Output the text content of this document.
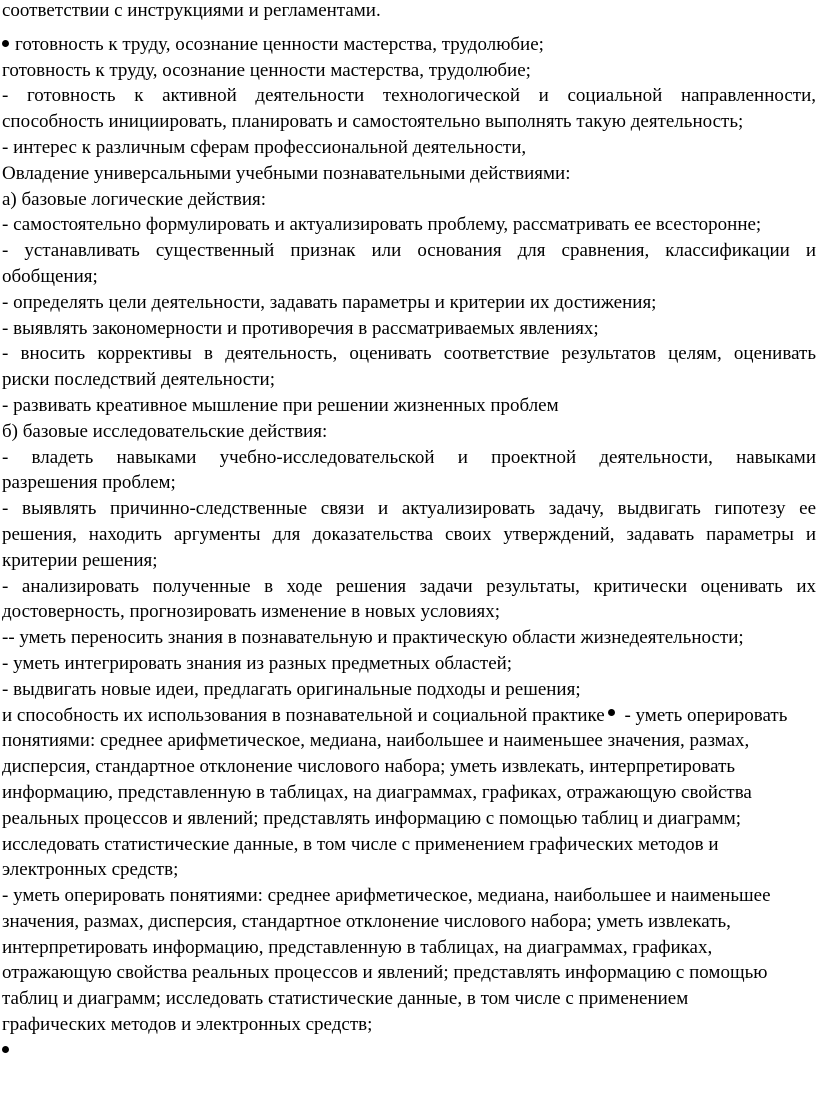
соответствии с инструкциями и регламентами.
готовность к труду, осознание ценности мастерства, трудолюбие;
готовность к труду, осознание ценности мастерства, трудолюбие;
- готовность к активной деятельности технологической и социальной направленности,
способность инициировать, планировать и самостоятельно выполнять такую деятельность;
- интерес к различным сферам профессиональной деятельности,
Овладение универсальными учебными познавательными действиями:
а) базовые логические действия:
- самостоятельно формулировать и актуализировать проблему, рассматривать ее всесторонне;
- устанавливать существенный признак или основания для сравнения, классификации и
обобщения;
- определять цели деятельности, задавать параметры и критерии их достижения;
- выявлять закономерности и противоречия в рассматриваемых явлениях;
- вносить коррективы в деятельность, оценивать соответствие результатов целям, оценивать
риски последствий деятельности;
- развивать креативное мышление при решении жизненных проблем
б) базовые исследовательские действия:
- владеть навыками учебно-исследовательской и проектной деятельности, навыками
разрешения проблем;
- выявлять причинно-следственные связи и актуализировать задачу, выдвигать гипотезу ее
решения, находить аргументы для доказательства своих утверждений, задавать параметры и
критерии решения;
- анализировать полученные в ходе решения задачи результаты, критически оценивать их
достоверность, прогнозировать изменение в новых условиях;
-- уметь переносить знания в познавательную и практическую области жизнедеятельности;
- уметь интегрировать знания из разных предметных областей;
- выдвигать новые идеи, предлагать оригинальные подходы и решения;
и способность их использования в познавательной и социальной практике - уметь оперировать
понятиями: среднее арифметическое, медиана, наибольшее и наименьшее значения, размах,
дисперсия, стандартное отклонение числового набора; уметь извлекать, интерпретировать
информацию, представленную в таблицах, на диаграммах, графиках, отражающую свойства
реальных процессов и явлений; представлять информацию с помощью таблиц и диаграмм;
исследовать статистические данные, в том числе с применением графических методов и
электронных средств;
- уметь оперировать понятиями: среднее арифметическое, медиана, наибольшее и наименьшее
значения, размах, дисперсия, стандартное отклонение числового набора; уметь извлекать,
интерпретировать информацию, представленную в таблицах, на диаграммах, графиках,
отражающую свойства реальных процессов и явлений; представлять информацию с помощью
таблиц и диаграмм; исследовать статистические данные, в том числе с применением
графических методов и электронных средств;
